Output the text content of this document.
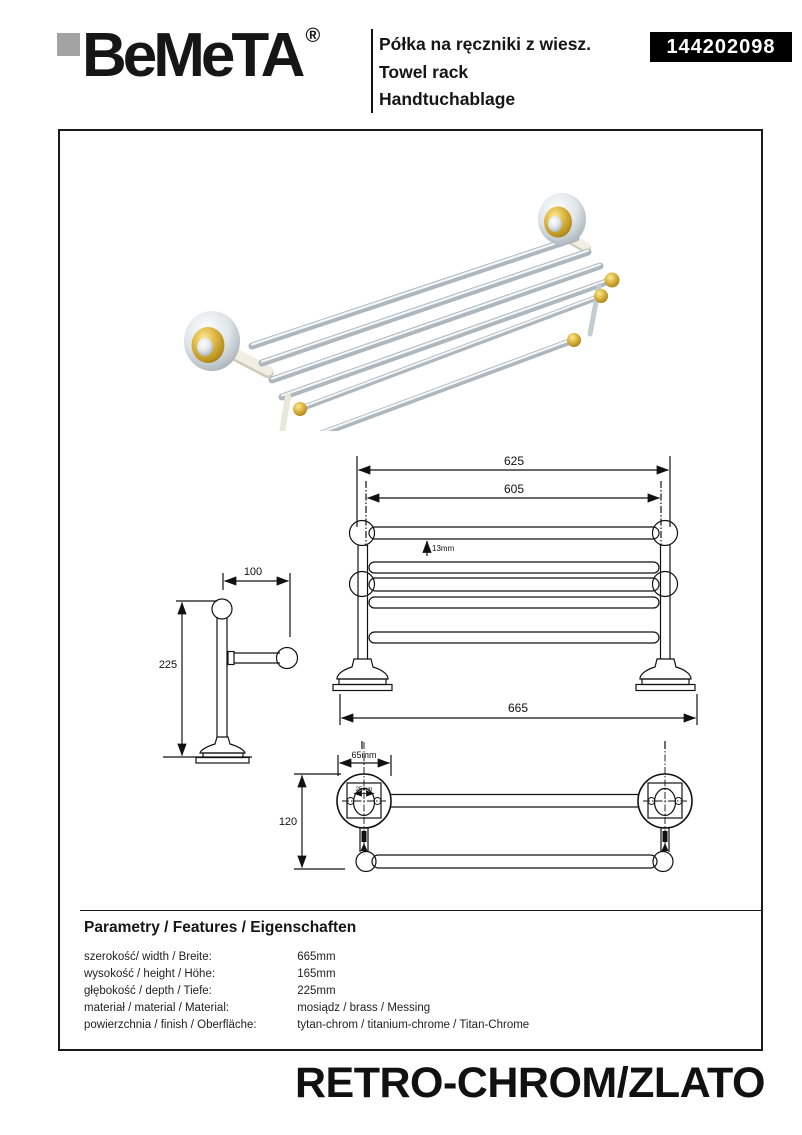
BeMeTA ®	Półka na ręczniki z wiesz.
Towel rack
Handtuchablage
144202098
625
605
13mm
665
100
225
65mm
120
25mm
Parametry / Features / Eigenschaften
szerokość/ width / Breite:	665mm
wysokość / height / Höhe:	165mm
głębokość / depth / Tiefe:	225mm
materiał / material / Material:	mosiądz / brass / Messing
powierzchnia / finish / Oberfläche:	tytan-chrom / titanium-chrome / Titan-Chrome
RETRO-CHROM/ZLATO
